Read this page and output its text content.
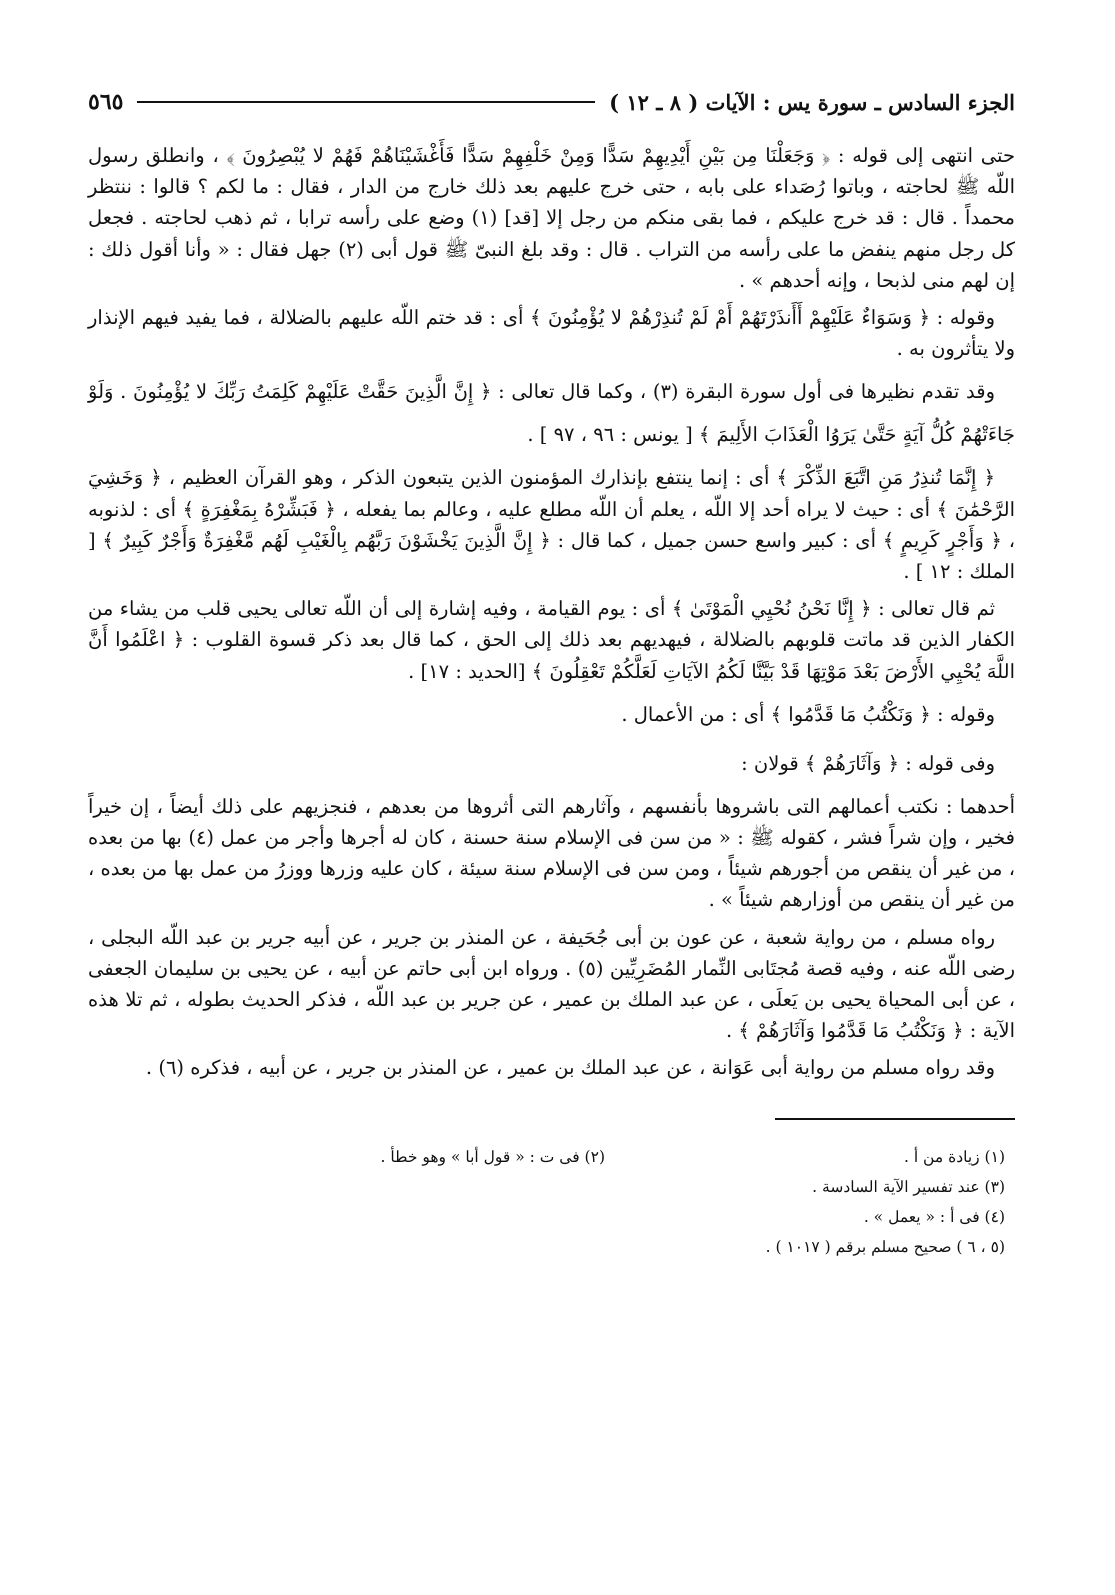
الجزء السادس ـ سورة يس : الآيات ( ٨ ـ ١٢ )
٥٦٥

حتى انتهى إلى قوله : ﴿ وَجَعَلْنَا مِن بَيْنِ أَيْدِيهِمْ سَدًّا وَمِنْ خَلْفِهِمْ سَدًّا فَأَغْشَيْنَاهُمْ فَهُمْ لا يُبْصِرُونَ ﴾ ، وانطلق رسول اللّه ﷺ لحاجته ، وباتوا رُصَداء على بابه ، حتى خرج عليهم بعد ذلك خارج من الدار ، فقال : ما لكم ؟ قالوا : ننتظر محمداً . قال : قد خرج عليكم ، فما بقى منكم من رجل إلا [قد] (١) وضع على رأسه ترابا ، ثم ذهب لحاجته . فجعل كل رجل منهم ينفض ما على رأسه من التراب . قال : وقد بلغ النبىّ ﷺ قول أبى (٢) جهل فقال : « وأنا أقول ذلك : إن لهم منى لذبحا ، وإنه أحدهم » .

وقوله : ﴿ وَسَوَاءٌ عَلَيْهِمْ أَأَنذَرْتَهُمْ أَمْ لَمْ تُنذِرْهُمْ لا يُؤْمِنُونَ ﴾ أى : قد ختم اللّه عليهم بالضلالة ، فما يفيد فيهم الإنذار ولا يتأثرون به .

وقد تقدم نظيرها فى أول سورة البقرة (٣) ، وكما قال تعالى : ﴿ إِنَّ الَّذِينَ حَقَّتْ عَلَيْهِمْ كَلِمَتُ رَبِّكَ لا يُؤْمِنُونَ . وَلَوْ جَاءَتْهُمْ كُلُّ آيَةٍ حَتَّىٰ يَرَوُا الْعَذَابَ الأَلِيمَ ﴾ [ يونس : ٩٦ ، ٩٧ ] .

﴿ إِنَّمَا تُنذِرُ مَنِ اتَّبَعَ الذِّكْرَ ﴾ أى : إنما ينتفع بإنذارك المؤمنون الذين يتبعون الذكر ، وهو القرآن العظيم ، ﴿ وَخَشِيَ الرَّحْمَٰنَ ﴾ أى : حيث لا يراه أحد إلا اللّه ، يعلم أن اللّه مطلع عليه ، وعالم بما يفعله ، ﴿ فَبَشِّرْهُ بِمَغْفِرَةٍ ﴾ أى : لذنوبه ، ﴿ وَأَجْرٍ كَرِيمٍ ﴾ أى : كبير واسع حسن جميل ، كما قال : ﴿ إِنَّ الَّذِينَ يَخْشَوْنَ رَبَّهُم بِالْغَيْبِ لَهُم مَّغْفِرَةٌ وَأَجْرٌ كَبِيرٌ ﴾ [ الملك : ١٢ ] .

ثم قال تعالى : ﴿ إِنَّا نَحْنُ نُحْيِي الْمَوْتَىٰ ﴾ أى : يوم القيامة ، وفيه إشارة إلى أن اللّه تعالى يحيى قلب من يشاء من الكفار الذين قد ماتت قلوبهم بالضلالة ، فيهديهم بعد ذلك إلى الحق ، كما قال بعد ذكر قسوة القلوب : ﴿ اعْلَمُوا أَنَّ اللَّهَ يُحْيِي الأَرْضَ بَعْدَ مَوْتِهَا قَدْ بَيَّنَّا لَكُمُ الآيَاتِ لَعَلَّكُمْ تَعْقِلُونَ ﴾ [الحديد : ١٧] .

وقوله : ﴿ وَنَكْتُبُ مَا قَدَّمُوا ﴾ أى : من الأعمال .

وفى قوله : ﴿ وَآثَارَهُمْ ﴾ قولان :

أحدهما : نكتب أعمالهم التى باشروها بأنفسهم ، وآثارهم التى أثروها من بعدهم ، فنجزيهم على ذلك أيضاً ، إن خيراً فخير ، وإن شراً فشر ، كقوله ﷺ : « من سن فى الإسلام سنة حسنة ، كان له أجرها وأجر من عمل (٤) بها من بعده ، من غير أن ينقص من أجورهم شيئاً ، ومن سن فى الإسلام سنة سيئة ، كان عليه وزرها ووزرُ من عمل بها من بعده ، من غير أن ينقص من أوزارهم شيئاً » .

رواه مسلم ، من رواية شعبة ، عن عون بن أبى جُحَيفة ، عن المنذر بن جرير ، عن أبيه جرير بن عبد اللّه البجلى ، رضى اللّه عنه ، وفيه قصة مُجتَابى النِّمار المُضَرِيِّين (٥) . ورواه ابن أبى حاتم عن أبيه ، عن يحيى بن سليمان الجعفى ، عن أبى المحياة يحيى بن يَعلَى ، عن عبد الملك بن عمير ، عن جرير بن عبد اللّه ، فذكر الحديث بطوله ، ثم تلا هذه الآية : ﴿ وَنَكْتُبُ مَا قَدَّمُوا وَآثَارَهُمْ ﴾ .

وقد رواه مسلم من رواية أبى عَوَانة ، عن عبد الملك بن عمير ، عن المنذر بن جرير ، عن أبيه ، فذكره (٦) .

(١) زيادة من أ .
(٢) فى ت : « قول أبا » وهو خطأ .
(٣) عند تفسير الآية السادسة .
(٤) فى أ : « يعمل » .
(٥ ، ٦ ) صحيح مسلم برقم ( ١٠١٧ ) .
